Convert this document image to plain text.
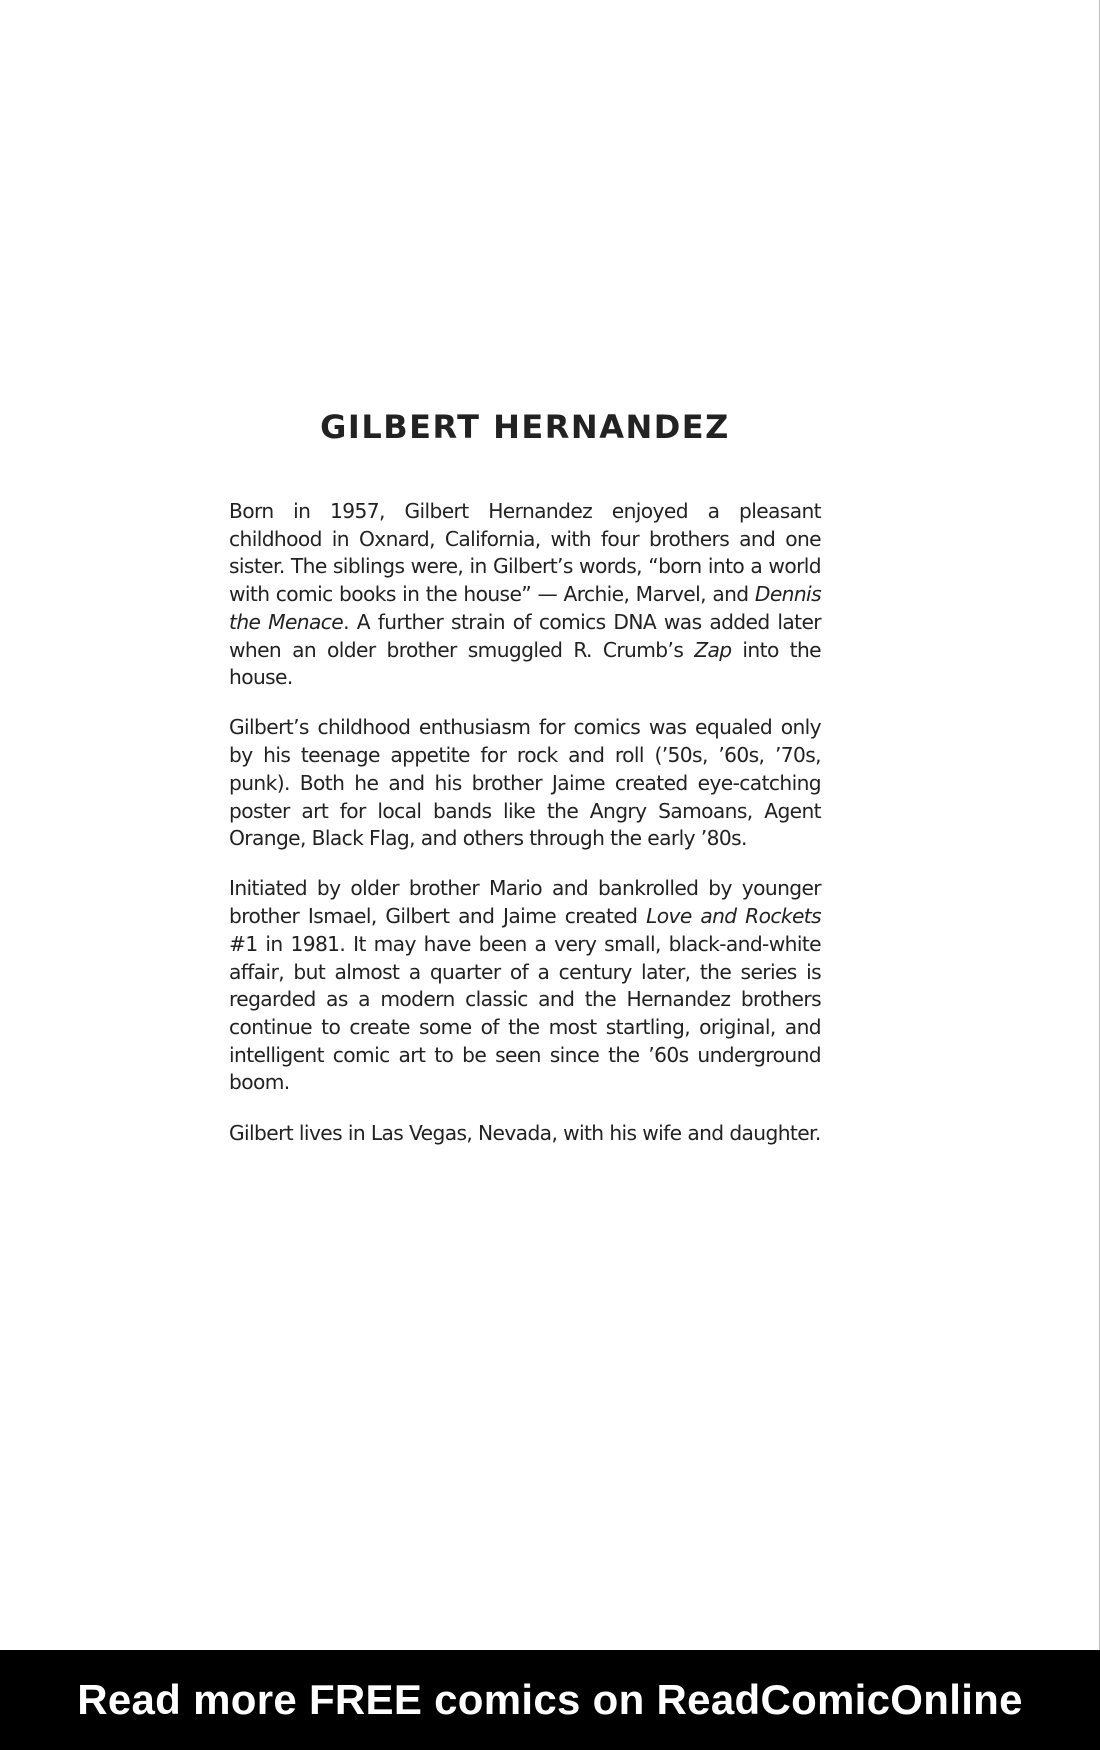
GILBERT HERNANDEZ

Born in 1957, Gilbert Hernandez enjoyed a pleasant childhood in Oxnard, California, with four brothers and one sister. The siblings were, in Gilbert’s words, “born into a world with comic books in the house” — Archie, Marvel, and Dennis the Menace. A further strain of comics DNA was added later when an older brother smuggled R. Crumb’s Zap into the house.

Gilbert’s childhood enthusiasm for comics was equaled only by his teenage appetite for rock and roll (’50s, ’60s, ’70s, punk). Both he and his brother Jaime created eye-catching poster art for local bands like the Angry Samoans, Agent Orange, Black Flag, and others through the early ’80s.

Initiated by older brother Mario and bankrolled by younger brother Ismael, Gilbert and Jaime created Love and Rockets #1 in 1981. It may have been a very small, black-and-white affair, but almost a quarter of a century later, the series is regarded as a modern classic and the Hernandez brothers continue to create some of the most startling, original, and intelligent comic art to be seen since the ’60s underground boom.

Gilbert lives in Las Vegas, Nevada, with his wife and daughter.

Read more FREE comics on ReadComicOnline
